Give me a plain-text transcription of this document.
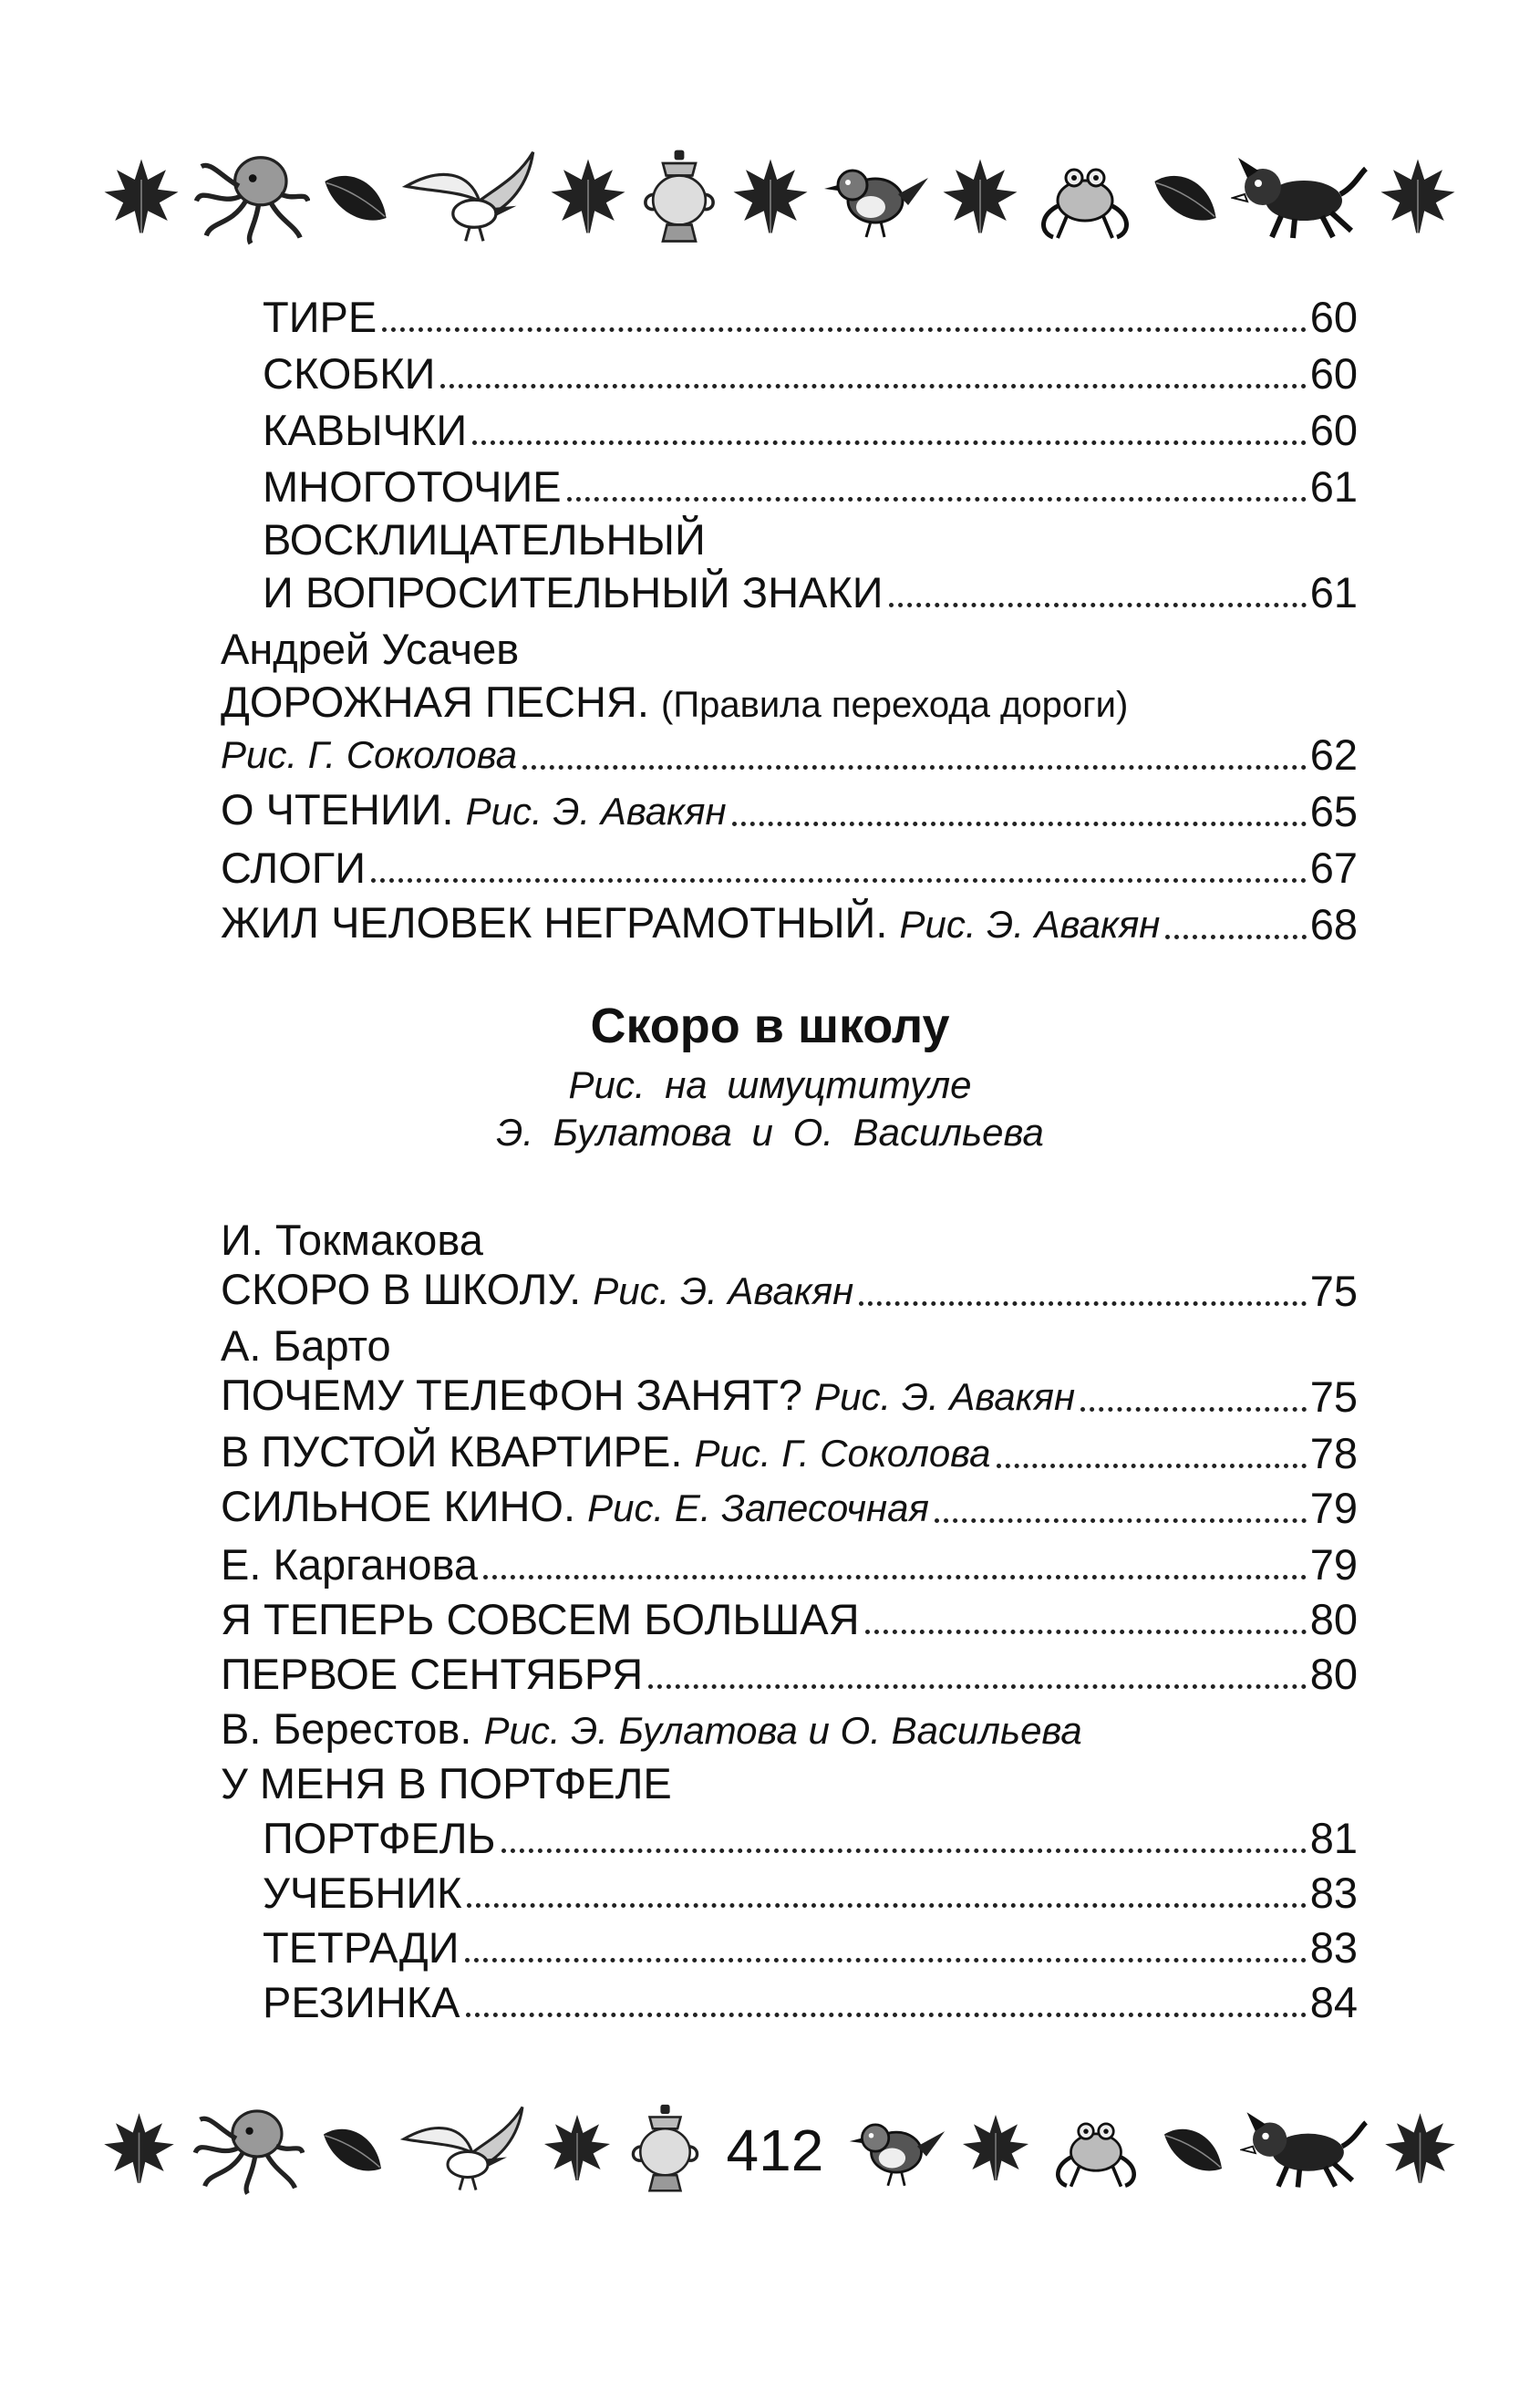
ТИРЕ	60
СКОБКИ	60
КАВЫЧКИ	60
МНОГОТОЧИЕ	61
ВОСКЛИЦАТЕЛЬНЫЙ
И ВОПРОСИТЕЛЬНЫЙ ЗНАКИ	61
Андрей Усачев
ДОРОЖНАЯ ПЕСНЯ. (Правила перехода дороги)
Рис. Г. Соколова	62
О ЧТЕНИИ. Рис. Э. Авакян	65
СЛОГИ	67
ЖИЛ ЧЕЛОВЕК НЕГРАМОТНЫЙ. Рис. Э. Авакян	68
Скоро в школу
Рис. на шмуцтитуле
Э. Булатова и О. Васильева
И. Токмакова
СКОРО В ШКОЛУ. Рис. Э. Авакян	75
А. Барто
ПОЧЕМУ ТЕЛЕФОН ЗАНЯТ? Рис. Э. Авакян	75
В ПУСТОЙ КВАРТИРЕ. Рис. Г. Соколова	78
СИЛЬНОЕ КИНО. Рис. Е. Запесочная	79
Е. Карганова	79
Я ТЕПЕРЬ СОВСЕМ БОЛЬШАЯ	80
ПЕРВОЕ СЕНТЯБРЯ	80
В. Берестов. Рис. Э. Булатова и О. Васильева
У МЕНЯ В ПОРТФЕЛЕ
ПОРТФЕЛЬ	81
УЧЕБНИК	83
ТЕТРАДИ	83
РЕЗИНКА	84
412
